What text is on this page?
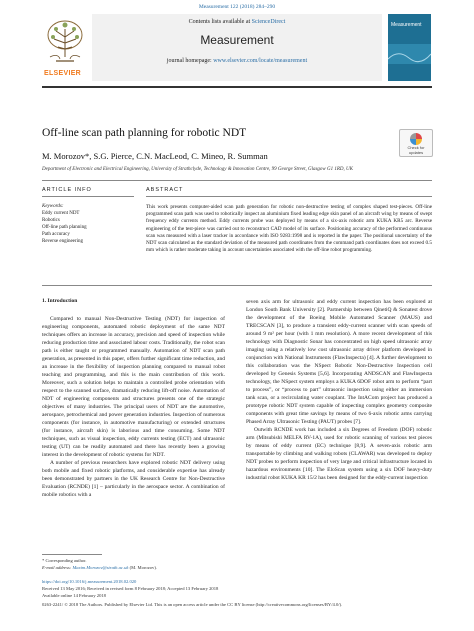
Measurement 122 (2018) 284–290
ELSEVIER
Contents lists available at ScienceDirect
Measurement
journal homepage: www.elsevier.com/locate/measurement
Measurement
Off-line scan path planning for robotic NDT
M. Morozov*, S.G. Pierce, C.N. MacLeod, C. Mineo, R. Summan
Department of Electronic and Electrical Engineering, University of Strathclyde, Technology & Innovation Centre, 99 George Street, Glasgow G1 1RD, UK
Check for updates
ARTICLE INFO
Keywords:
Eddy current NDT
Robotics
Off-line path planning
Path accuracy
Reverse engineering
ABSTRACT
This work presents computer-aided scan path generation for robotic non-destructive testing of complex shaped test-pieces. Off-line programmed scan path was used to robotically inspect an aluminium fixed leading edge skin panel of an aircraft wing by means of swept frequency eddy currents method. Eddy currents probe was deployed by means of a six-axis robotic arm KUKA KR5 arc. Reverse engineering of the test-piece was carried out to reconstruct CAD model of its surface. Positioning accuracy of the performed continuous scan was measured with a laser tracker in accordance with ISO 9283:1998 and is reported in the paper. The positional uncertainty of the NDT scan calculated as the standard deviation of the measured path coordinates from the command path coordinates does not exceed 0.5 mm which is rather moderate taking in account uncertainties associated with the off-line robot programming.
1. Introduction

Compared to manual Non-Destructive Testing (NDT) for inspection of engineering components, automated robotic deployment of the same NDT techniques offers an increase in accuracy, precision and speed of inspection while reducing production time and associated labour costs. Traditionally, the robot scan path is either taught or programmed manually. Automation of NDT scan path generation, as presented in this paper, offers further significant time reduction, and an increase in the flexibility of inspection planning compared to manual robot teaching and programming, and this is the main contribution of this work. Moreover, such a solution helps to maintain a controlled probe orientation with respect to the scanned surface, dramatically reducing lift-off noise. Automation of NDT of engineering components and structures presents one of the strategic objectives of many industries. The principal users of NDT are the automotive, aerospace, petrochemical and power generation industries. Inspection of numerous components (for instance, in automotive manufacturing) or extended structures (for instance, aircraft skin) is laborious and time consuming. Some NDT techniques, such as visual inspection, eddy currents testing (ECT) and ultrasonic testing (UT) can be readily automated and there has recently been a growing interest in the development of robotic systems for NDT.

A number of previous researchers have explored robotic NDT delivery using both mobile and fixed robotic platforms, and considerable expertise has already been demonstrated by partners in the UK Research Centre for Non-Destructive Evaluation (RCNDE) [1] – particularly in the aerospace sector. A combination of mobile robotics with a

seven axis arm for ultrasonic and eddy current inspection has been explored at London South Bank University [2]. Partnership between QinetiQ & Sonatest drove the development of the Boeing Mobile Automated Scanner (MAUS) and TRECSCAN [3], to produce a transient eddy-current scanner with scan speeds of around 9 m² per hour (with 1 mm resolution). A more recent development of this technology with Diagnostic Sonar has concentrated on high speed ultrasonic array imaging using a relatively low cost ultrasonic array driver platform developed in conjunction with National Instruments (FlawInspecta) [4]. A further development to this collaboration was the NSpect Robotic Non-Destructive Inspection cell developed by Genesis Systems [5,6]. Incorporating ANDSCAN and FlawInspecta technology, the NSpect system employs a KUKA 6DOF robot arm to perform “part to process”, or “process to part” ultrasonic inspection using either an immersion tank scan, or a recirculating water couplant. The IntACom project has produced a prototype robotic NDT system capable of inspecting complex geometry composite components with great time savings by means of two 6-axis robotic arms carrying Phased Array Ultrasonic Testing (PAUT) probes [7].

Outwith RCNDE work has included a six Degrees of Freedom (DOF) robotic arm (Mitsubishi MELFA RV-1A), used for robotic scanning of various test pieces by means of eddy current (EC) technique [8,9]. A seven-axis robotic arm transportable by climbing and walking robots (CLAWAR) was developed to deploy NDT probes to perform inspection of very large and critical infrastructure located in hazardous environments [10]. The EloScan system using a six DOF heavy-duty industrial robot KUKA KR 15/2 has been designed for the eddy-current inspection

* Corresponding author.
E-mail address: Maxim.Morozov@strath.ac.uk (M. Morozov).
https://doi.org/10.1016/j.measurement.2018.02.020
Received 13 May 2016; Received in revised form 8 February 2018; Accepted 13 February 2018
Available online 14 February 2018
0263-2241/ © 2018 The Authors. Published by Elsevier Ltd. This is an open access article under the CC BY license (http://creativecommons.org/licenses/BY/4.0/).
